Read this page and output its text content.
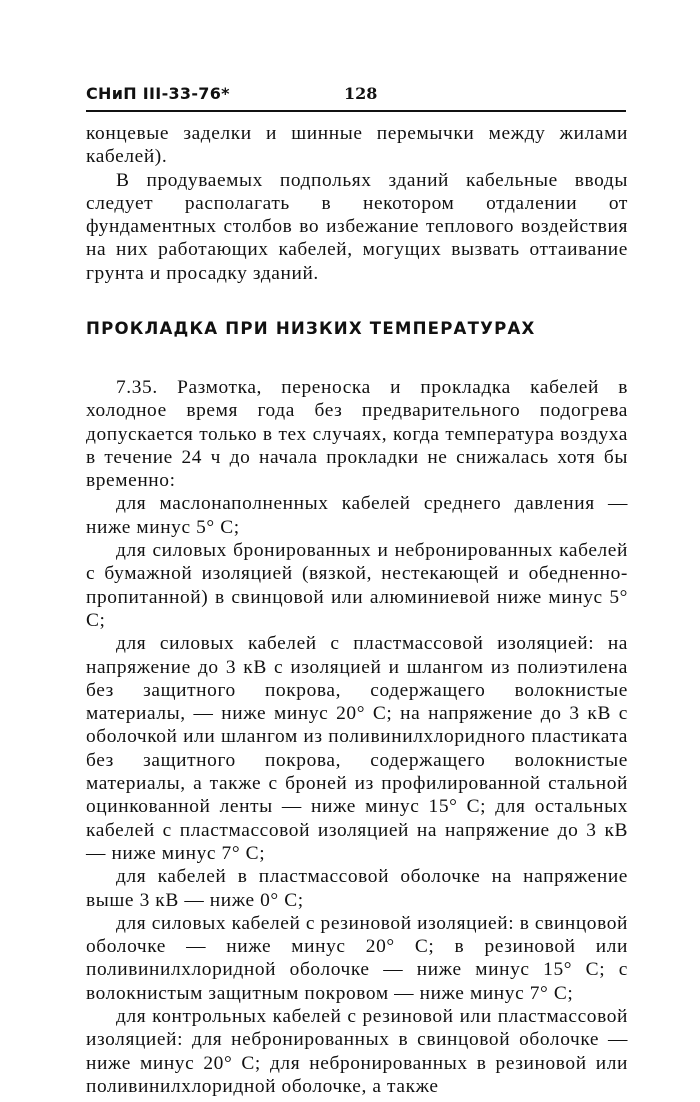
СНиП III-33-76*	128

концевые заделки и шинные перемычки между жилами кабелей).

В продуваемых подпольях зданий кабельные вводы следует располагать в некотором отдалении от фундаментных столбов во избежание теплового воздействия на них работающих кабелей, могущих вызвать оттаивание грунта и просадку зданий.

ПРОКЛАДКА ПРИ НИЗКИХ ТЕМПЕРАТУРАХ

7.35. Размотка, переноска и прокладка кабелей в холодное время года без предварительного подогрева допускается только в тех случаях, когда температура воздуха в течение 24 ч до начала прокладки не снижалась хотя бы временно:

для маслонаполненных кабелей среднего давления — ниже минус 5° С;

для силовых бронированных и небронированных кабелей с бумажной изоляцией (вязкой, нестекающей и обедненно-пропитанной) в свинцовой или алюминиевой ниже минус 5° С;

для силовых кабелей с пластмассовой изоляцией: на напряжение до 3 кВ с изоляцией и шлангом из полиэтилена без защитного покрова, содержащего волокнистые материалы, — ниже минус 20° С; на напряжение до 3 кВ с оболочкой или шлангом из поливинилхлоридного пластиката без защитного покрова, содержащего волокнистые материалы, а также с броней из профилированной стальной оцинкованной ленты — ниже минус 15° С; для остальных кабелей с пластмассовой изоляцией на напряжение до 3 кВ — ниже минус 7° С;

для кабелей в пластмассовой оболочке на напряжение выше 3 кВ — ниже 0° С;

для силовых кабелей с резиновой изоляцией: в свинцовой оболочке — ниже минус 20° С; в резиновой или поливинилхлоридной оболочке — ниже минус 15° С; с волокнистым защитным покровом — ниже минус 7° С;

для контрольных кабелей с резиновой или пластмассовой изоляцией: для небронированных в свинцовой оболочке — ниже минус 20° С; для небронированных в резиновой или поливинилхлоридной оболочке, а также
